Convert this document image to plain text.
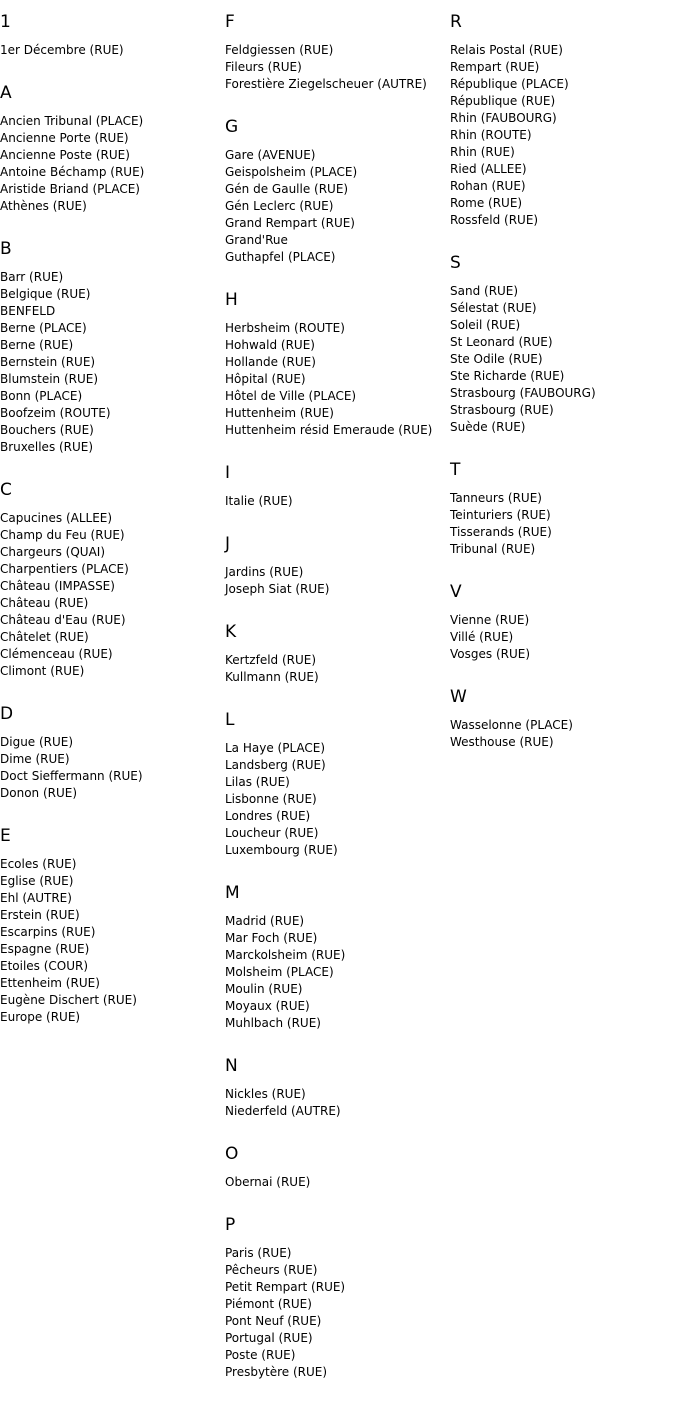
1
1er Décembre (RUE)
A
Ancien Tribunal (PLACE)
Ancienne Porte (RUE)
Ancienne Poste (RUE)
Antoine Béchamp (RUE)
Aristide Briand (PLACE)
Athènes (RUE)
B
Barr (RUE)
Belgique (RUE)
BENFELD
Berne (PLACE)
Berne (RUE)
Bernstein (RUE)
Blumstein (RUE)
Bonn (PLACE)
Boofzeim (ROUTE)
Bouchers (RUE)
Bruxelles (RUE)
C
Capucines (ALLEE)
Champ du Feu (RUE)
Chargeurs (QUAI)
Charpentiers (PLACE)
Château (IMPASSE)
Château (RUE)
Château d'Eau (RUE)
Châtelet (RUE)
Clémenceau (RUE)
Climont (RUE)
D
Digue (RUE)
Dime (RUE)
Doct Sieffermann (RUE)
Donon (RUE)
E
Ecoles (RUE)
Eglise (RUE)
Ehl (AUTRE)
Erstein (RUE)
Escarpins (RUE)
Espagne (RUE)
Etoiles (COUR)
Ettenheim (RUE)
Eugène Dischert (RUE)
Europe (RUE)
F
Feldgiessen (RUE)
Fileurs (RUE)
Forestière Ziegelscheuer (AUTRE)
G
Gare (AVENUE)
Geispolsheim (PLACE)
Gén de Gaulle (RUE)
Gén Leclerc (RUE)
Grand Rempart (RUE)
Grand'Rue
Guthapfel (PLACE)
H
Herbsheim (ROUTE)
Hohwald (RUE)
Hollande (RUE)
Hôpital (RUE)
Hôtel de Ville (PLACE)
Huttenheim (RUE)
Huttenheim résid Emeraude (RUE)
I
Italie (RUE)
J
Jardins (RUE)
Joseph Siat (RUE)
K
Kertzfeld (RUE)
Kullmann (RUE)
L
La Haye (PLACE)
Landsberg (RUE)
Lilas (RUE)
Lisbonne (RUE)
Londres (RUE)
Loucheur (RUE)
Luxembourg (RUE)
M
Madrid (RUE)
Mar Foch (RUE)
Marckolsheim (RUE)
Molsheim (PLACE)
Moulin (RUE)
Moyaux (RUE)
Muhlbach (RUE)
N
Nickles (RUE)
Niederfeld (AUTRE)
O
Obernai (RUE)
P
Paris (RUE)
Pêcheurs (RUE)
Petit Rempart (RUE)
Piémont (RUE)
Pont Neuf (RUE)
Portugal (RUE)
Poste (RUE)
Presbytère (RUE)
R
Relais Postal (RUE)
Rempart (RUE)
République (PLACE)
République (RUE)
Rhin (FAUBOURG)
Rhin (ROUTE)
Rhin (RUE)
Ried (ALLEE)
Rohan (RUE)
Rome (RUE)
Rossfeld (RUE)
S
Sand (RUE)
Sélestat (RUE)
Soleil (RUE)
St Leonard (RUE)
Ste Odile (RUE)
Ste Richarde (RUE)
Strasbourg (FAUBOURG)
Strasbourg (RUE)
Suède (RUE)
T
Tanneurs (RUE)
Teinturiers (RUE)
Tisserands (RUE)
Tribunal (RUE)
V
Vienne (RUE)
Villé (RUE)
Vosges (RUE)
W
Wasselonne (PLACE)
Westhouse (RUE)
